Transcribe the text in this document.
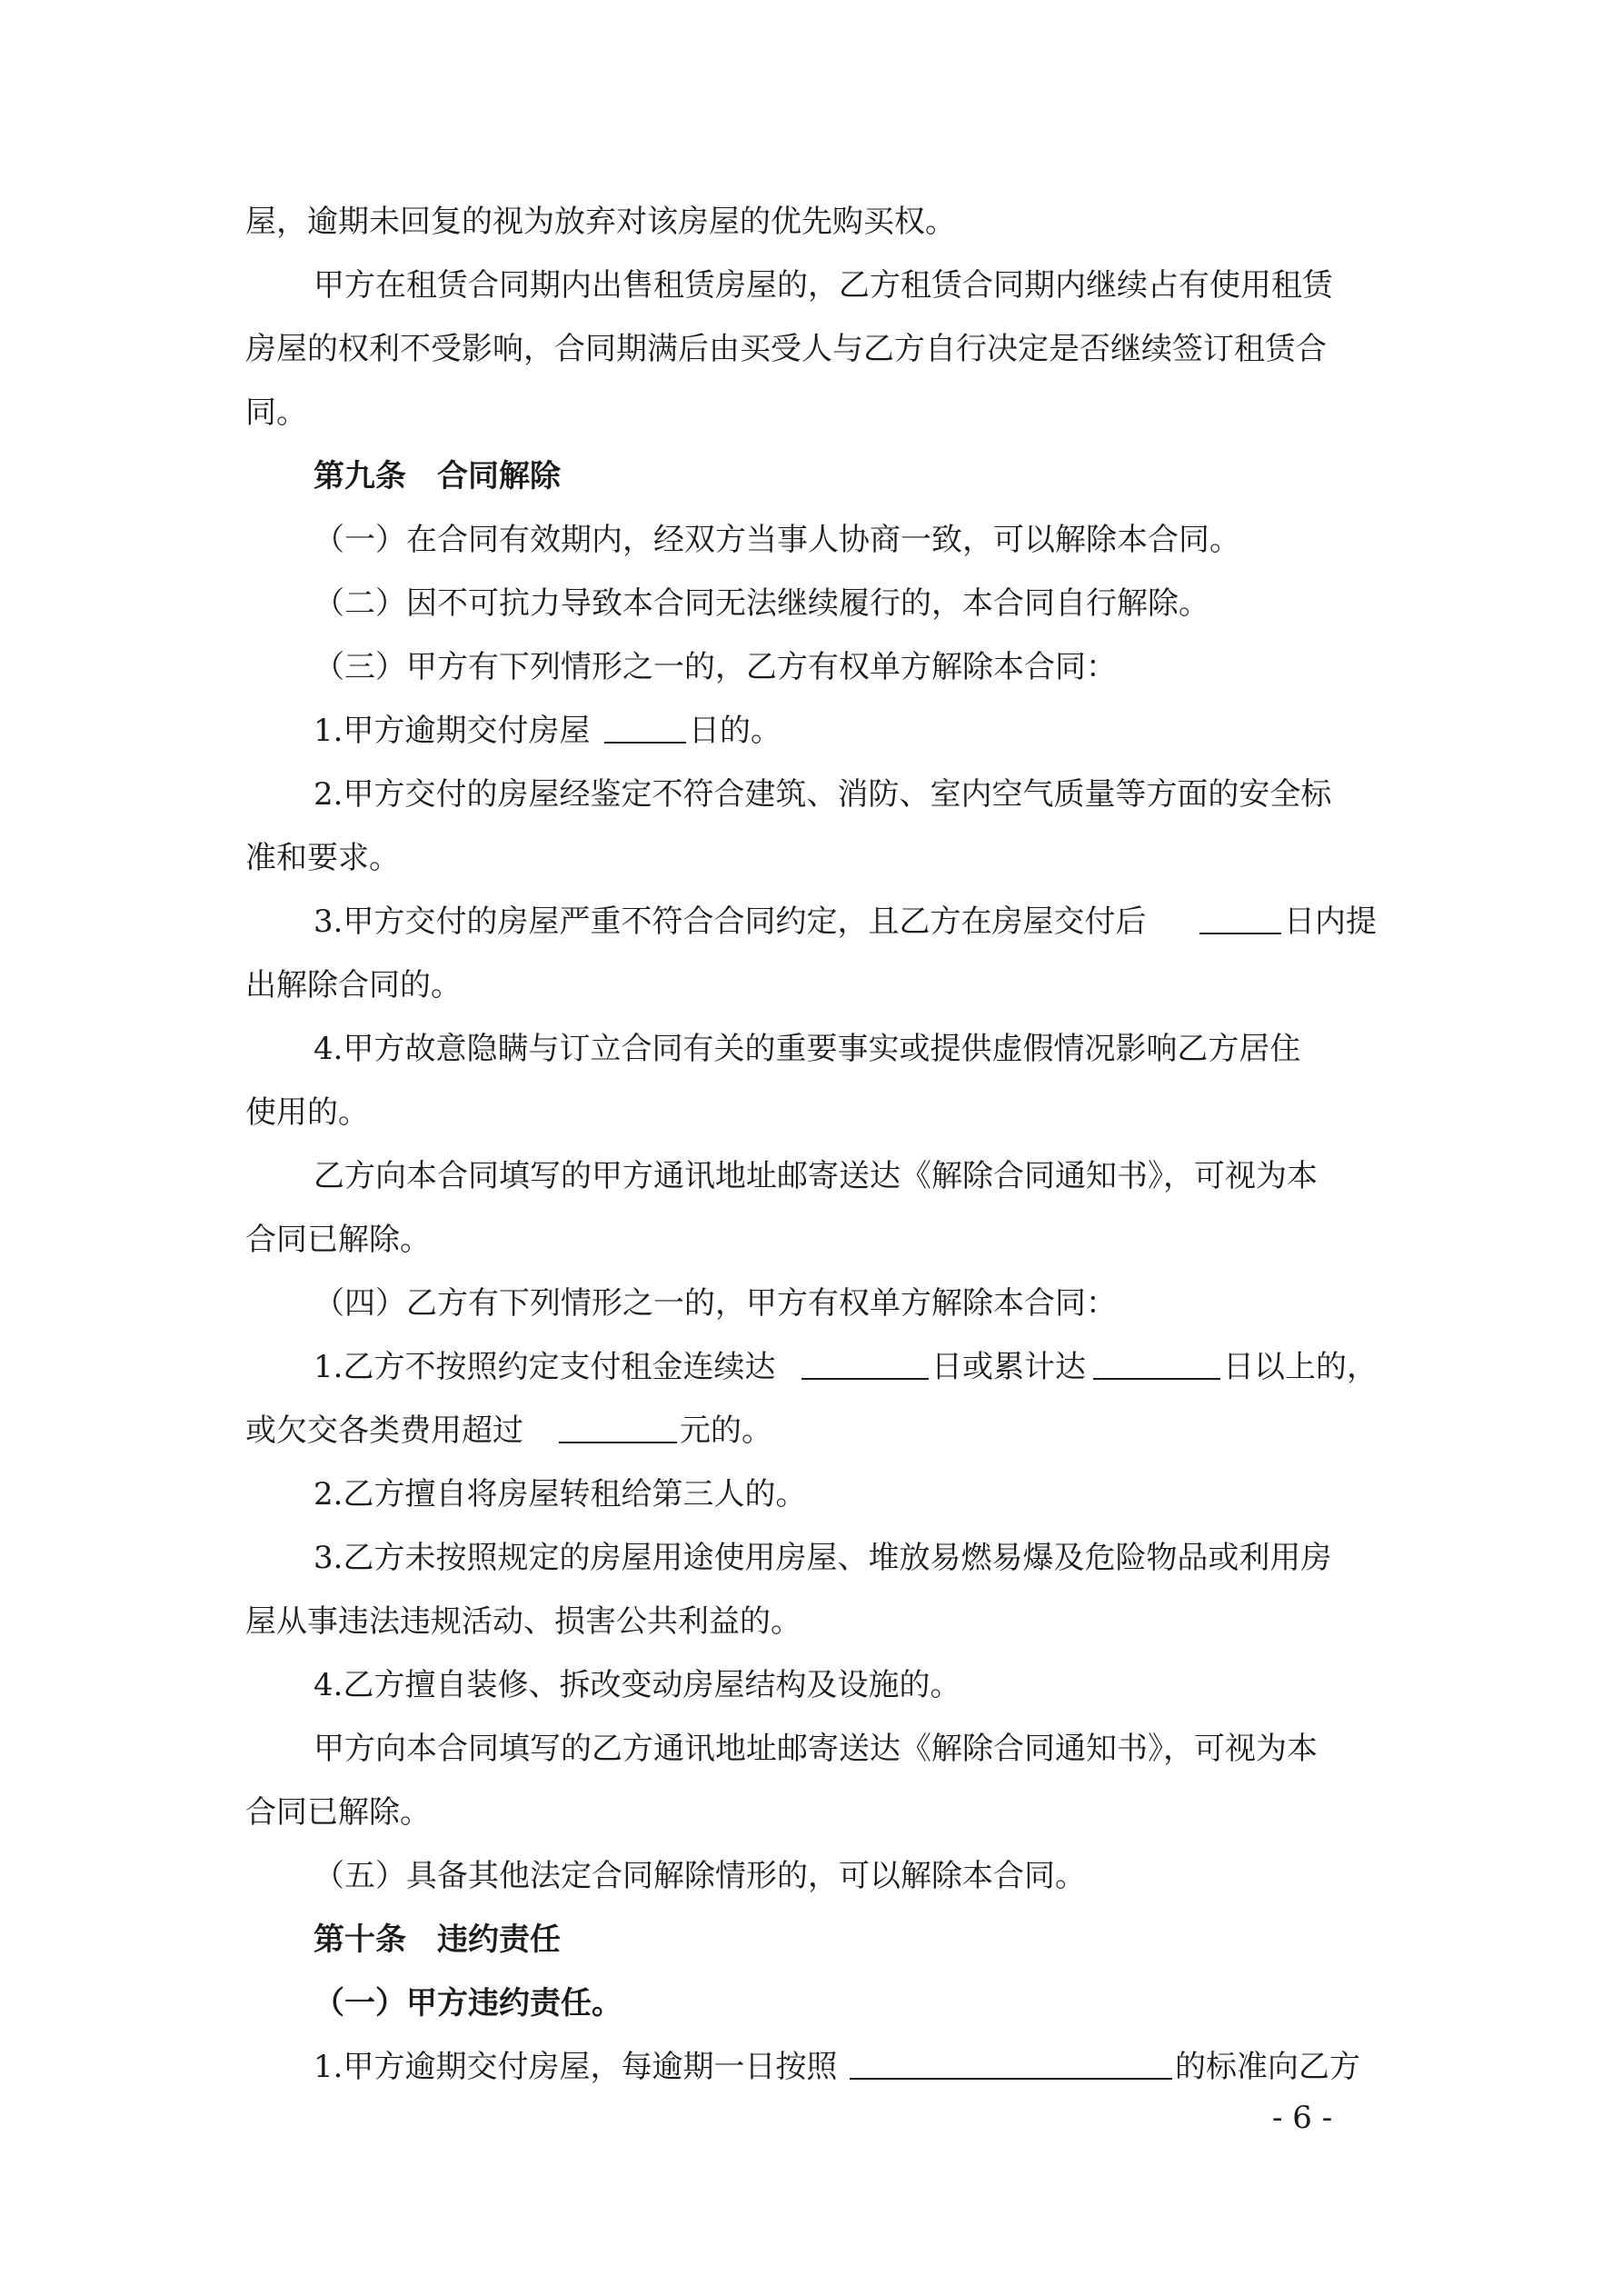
屋，逾期未回复的视为放弃对该房屋的优先购买权。
甲方在租赁合同期内出售租赁房屋的，乙方租赁合同期内继续占有使用租赁
房屋的权利不受影响，合同期满后由买受人与乙方自行决定是否继续签订租赁合
同。
第九条　合同解除
（一）在合同有效期内，经双方当事人协商一致，可以解除本合同。
（二）因不可抗力导致本合同无法继续履行的，本合同自行解除。
（三）甲方有下列情形之一的，乙方有权单方解除本合同：
1.甲方逾期交付房屋	日的。
2.甲方交付的房屋经鉴定不符合建筑、消防、室内空气质量等方面的安全标
准和要求。
3.甲方交付的房屋严重不符合合同约定，且乙方在房屋交付后	日内提
出解除合同的。
4.甲方故意隐瞒与订立合同有关的重要事实或提供虚假情况影响乙方居住
使用的。
乙方向本合同填写的甲方通讯地址邮寄送达《解除合同通知书》，可视为本
合同已解除。
（四）乙方有下列情形之一的，甲方有权单方解除本合同：
1.乙方不按照约定支付租金连续达	日或累计达	日以上的，
或欠交各类费用超过	元的。
2.乙方擅自将房屋转租给第三人的。
3.乙方未按照规定的房屋用途使用房屋、堆放易燃易爆及危险物品或利用房
屋从事违法违规活动、损害公共利益的。
4.乙方擅自装修、拆改变动房屋结构及设施的。
甲方向本合同填写的乙方通讯地址邮寄送达《解除合同通知书》，可视为本
合同已解除。
（五）具备其他法定合同解除情形的，可以解除本合同。
第十条　违约责任
（一）甲方违约责任。
1.甲方逾期交付房屋，每逾期一日按照	的标准向乙方
- 6 -
